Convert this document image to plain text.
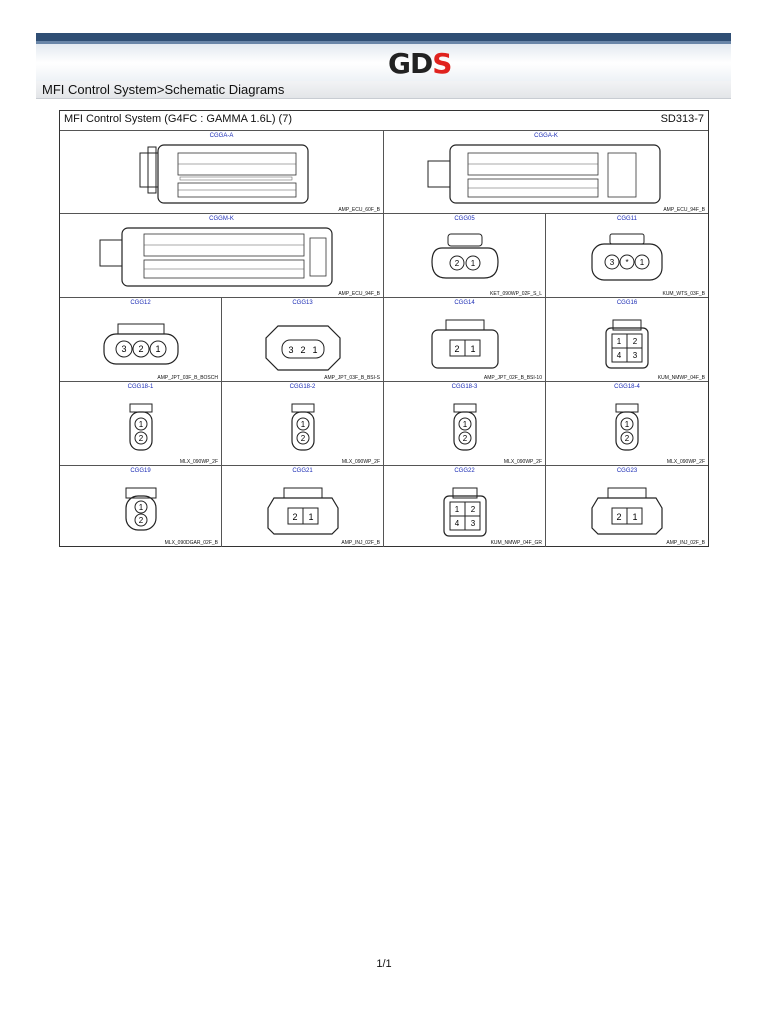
GDS
MFI Control System>Schematic Diagrams
MFI Control System (G4FC : GAMMA 1.6L) (7)	SD313-7
CGGA-A
AMP_ECU_60F_B
CGGA-K
AMP_ECU_94F_B
CGGM-K
AMP_ECU_94F_B
CGG05
2 1
KET_090WP_02F_S_L
CGG11
3 * 1
KUM_WTS_03F_B
CGG12
3 2 1
AMP_JPT_03F_B_BOSCH
CGG13
3 2 1
AMP_JPT_03F_B_BSI-S
CGG14
2 1
AMP_JPT_02F_B_BSI-10
CGG16
1 2
4 3
KUM_NMWP_04F_B
CGG18-1
1
2
MLX_090WP_2F
CGG18-2
1
2
MLX_090WP_2F
CGG18-3
1
2
MLX_090WP_2F
CGG18-4
1
2
MLX_090WP_2F
CGG19
1
2
MLX_090DGAR_02F_B
CGG21
2 1
AMP_INJ_02F_B
CGG22
1 2
4 3
KUM_NMWP_04F_GR
CGG23
2 1
AMP_INJ_02F_B
1/1
